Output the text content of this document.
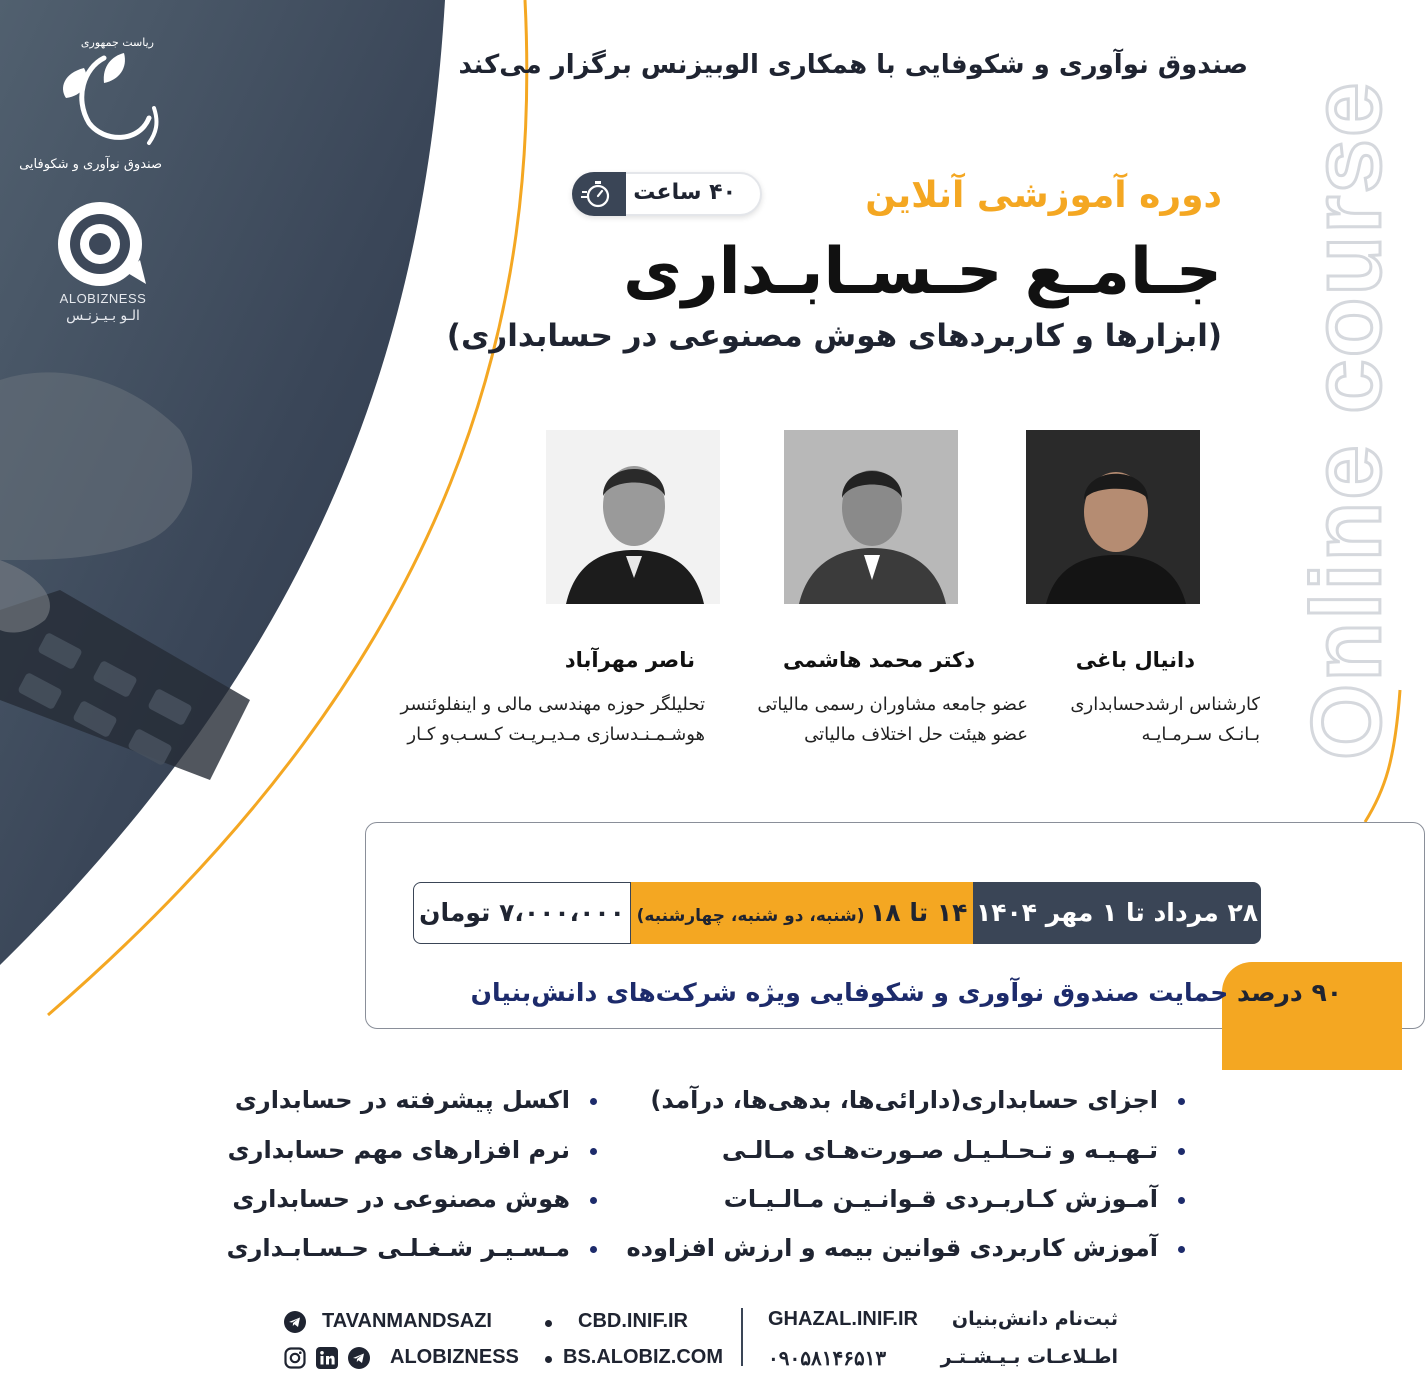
ریاست جمهوری
صندوق نوآوری و شکوفایی
ALOBIZNESS
الـو بـیـزنـس
صندوق نوآوری و شکوفایی با همکاری الوبیزنس برگزار می‌کند
دوره آموزشی آنلاین
۴۰ ساعت
جـامـع حـسـابـداری
(ابزارها و کاربردهای هوش مصنوعی در حسابداری) Online course
دانیال باغی
کارشناس ارشدحسابداری
بـانـک سـرمـایـه
دکتر محمد هاشمی
عضو جامعه مشاوران رسمی مالیاتی
عضو هیئت حل اختلاف مالیاتی
ناصر مهرآباد
تحلیلگر حوزه مهندسی مالی و اینفلوئنسر
هوشـمـنـدسازی مـدیـریـت کـسـب‌و کـار
۲۸ مرداد تا ۱ مهر ۱۴۰۴
۱۴ تا ۱۸ (شنبه، دو شنبه، چهارشنبه)
۷،۰۰۰،۰۰۰ تومان
۹۰ درصد حمایت صندوق نوآوری و شکوفایی ویژه شرکت‌های دانش‌بنیان
اجزای حسابداری(دارائی‌ها، بدهی‌ها، درآمد)
تـهـیـه و تـحـلـیـل صـورت‌هـای مـالـی
آمـوزش کـاربـردی قـوانـیـن مـالـیـات
آموزش کاربردی قوانین بیمه و ارزش افزاوده
اکسل پیشرفته در حسابداری
نرم افزارهای مهم حسابداری
هوش مصنوعی در حسابداری
مـسـیـر شـغـلـی حـسـابـداری
ثبت‌نام دانش‌بنیان
GHAZAL.INIF.IR
اطـلاعـات بـیـشـتـر
۰۹۰۵۸۱۴۶۵۱۳
CBD.INIF.IR
BS.ALOBIZ.COM
TAVANMANDSAZI
ALOBIZNESS
